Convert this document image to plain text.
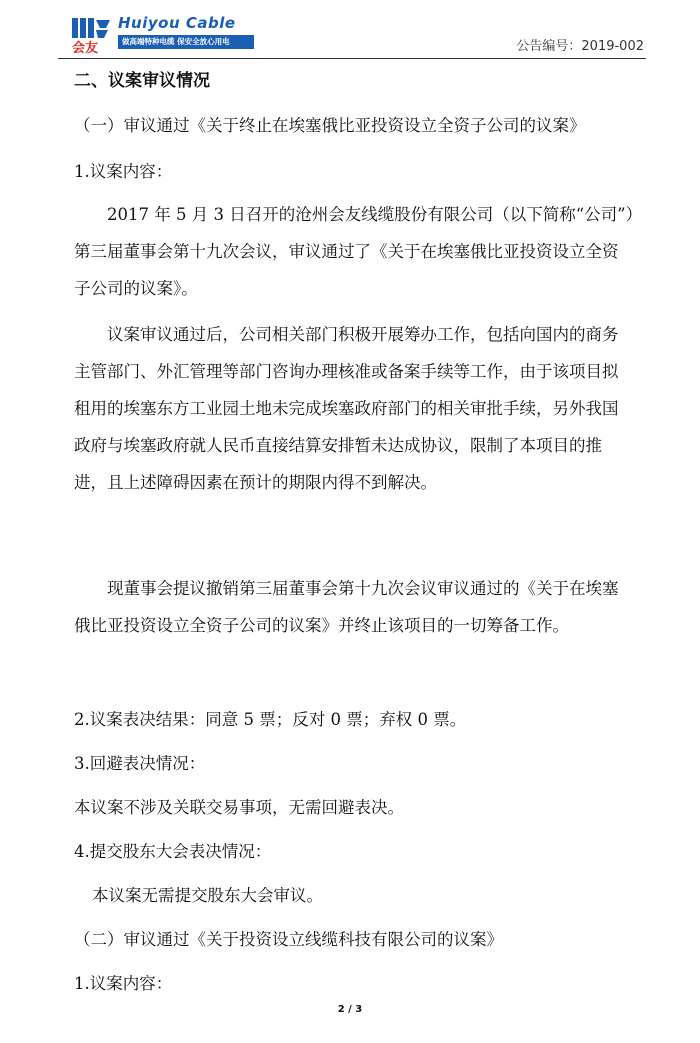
会友
Huiyou Cable
做高端特种电缆 保安全放心用电	公告编号：2019-002
二、议案审议情况
（一）审议通过《关于终止在埃塞俄比亚投资设立全资子公司的议案》
1.议案内容：
2017 年 5 月 3 日召开的沧州会友线缆股份有限公司（以下简称“公司”）第三届董事会第十九次会议，审议通过了《关于在埃塞俄比亚投资设立全资子公司的议案》。
议案审议通过后，公司相关部门积极开展筹办工作，包括向国内的商务主管部门、外汇管理等部门咨询办理核准或备案手续等工作，由于该项目拟租用的埃塞东方工业园土地未完成埃塞政府部门的相关审批手续，另外我国政府与埃塞政府就人民币直接结算安排暂未达成协议，限制了本项目的推进，且上述障碍因素在预计的期限内得不到解决。
现董事会提议撤销第三届董事会第十九次会议审议通过的《关于在埃塞俄比亚投资设立全资子公司的议案》并终止该项目的一切筹备工作。
2.议案表决结果：同意 5 票；反对 0 票；弃权 0 票。
3.回避表决情况：
本议案不涉及关联交易事项，无需回避表决。
4.提交股东大会表决情况：
本议案无需提交股东大会审议。
（二）审议通过《关于投资设立线缆科技有限公司的议案》
1.议案内容：
2 / 3
